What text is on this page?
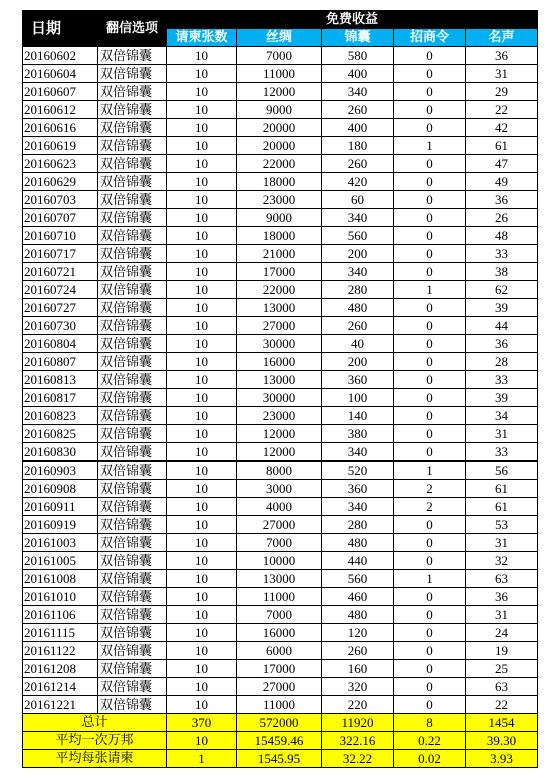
日期	翻信选项	免费收益				
		请柬张数	丝绸	锦囊	招商令	名声
20160602	双倍锦囊	10	7000	580	0	36
20160604	双倍锦囊	10	11000	400	0	31
20160607	双倍锦囊	10	12000	340	0	29
20160612	双倍锦囊	10	9000	260	0	22
20160616	双倍锦囊	10	20000	400	0	42
20160619	双倍锦囊	10	20000	180	1	61
20160623	双倍锦囊	10	22000	260	0	47
20160629	双倍锦囊	10	18000	420	0	49
20160703	双倍锦囊	10	23000	60	0	36
20160707	双倍锦囊	10	9000	340	0	26
20160710	双倍锦囊	10	18000	560	0	48
20160717	双倍锦囊	10	21000	200	0	33
20160721	双倍锦囊	10	17000	340	0	38
20160724	双倍锦囊	10	22000	280	1	62
20160727	双倍锦囊	10	13000	480	0	39
20160730	双倍锦囊	10	27000	260	0	44
20160804	双倍锦囊	10	30000	40	0	36
20160807	双倍锦囊	10	16000	200	0	28
20160813	双倍锦囊	10	13000	360	0	33
20160817	双倍锦囊	10	30000	100	0	39
20160823	双倍锦囊	10	23000	140	0	34
20160825	双倍锦囊	10	12000	380	0	31
20160830	双倍锦囊	10	12000	340	0	33
20160903	双倍锦囊	10	8000	520	1	56
20160908	双倍锦囊	10	3000	360	2	61
20160911	双倍锦囊	10	4000	340	2	61
20160919	双倍锦囊	10	27000	280	0	53
20161003	双倍锦囊	10	7000	480	0	31
20161005	双倍锦囊	10	10000	440	0	32
20161008	双倍锦囊	10	13000	560	1	63
20161010	双倍锦囊	10	11000	460	0	36
20161106	双倍锦囊	10	7000	480	0	31
20161115	双倍锦囊	10	16000	120	0	24
20161122	双倍锦囊	10	6000	260	0	19
20161208	双倍锦囊	10	17000	160	0	25
20161214	双倍锦囊	10	27000	320	0	63
20161221	双倍锦囊	10	11000	220	0	22
总计		370	572000	11920	8	1454
平均一次万邦		10	15459.46	322.16	0.22	39.30
平均每张请柬		1	1545.95	32.22	0.02	3.93
